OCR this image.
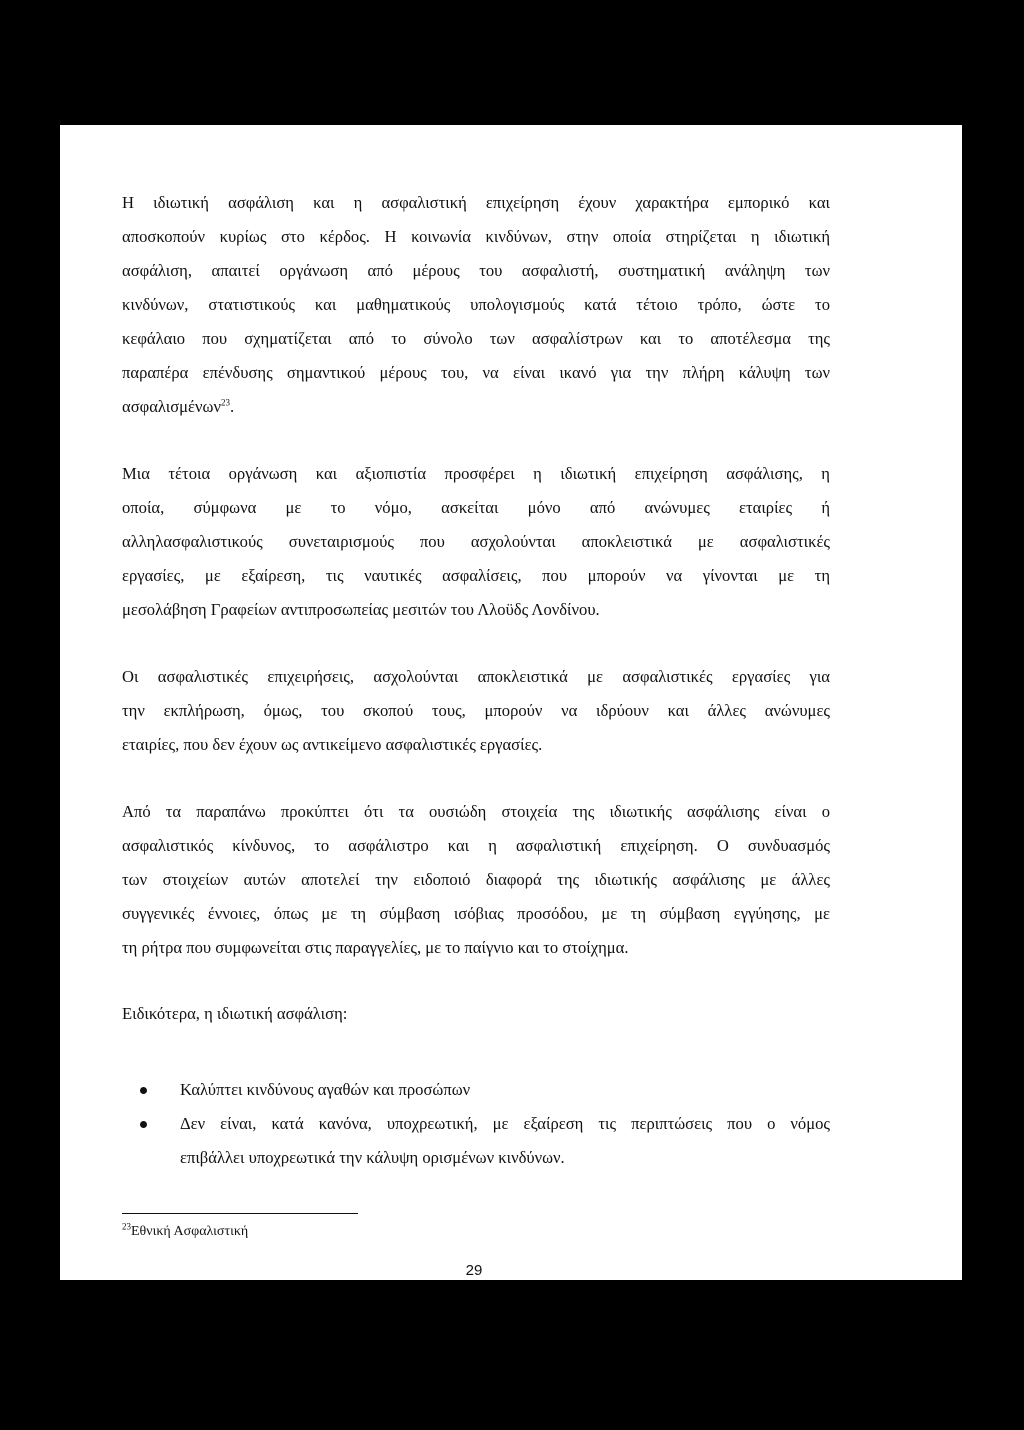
Η ιδιωτική ασφάλιση και η ασφαλιστική επιχείρηση έχουν χαρακτήρα εμπορικό και
αποσκοπούν κυρίως στο κέρδος. Η κοινωνία κινδύνων, στην οποία στηρίζεται η ιδιωτική
ασφάλιση, απαιτεί οργάνωση από μέρους του ασφαλιστή, συστηματική ανάληψη των
κινδύνων, στατιστικούς και μαθηματικούς υπολογισμούς κατά τέτοιο τρόπο, ώστε το
κεφάλαιο που σχηματίζεται από το σύνολο των ασφαλίστρων και το αποτέλεσμα της
παραπέρα επένδυσης σημαντικού μέρους του, να είναι ικανό για την πλήρη κάλυψη των
ασφαλισμένων$^{23}$.
Μια τέτοια οργάνωση και αξιοπιστία προσφέρει η ιδιωτική επιχείρηση ασφάλισης, η
οποία, σύμφωνα με το νόμο, ασκείται μόνο από ανώνυμες εταιρίες ή
αλληλασφαλιστικούς συνεταιρισμούς που ασχολούνται αποκλειστικά με ασφαλιστικές
εργασίες, με εξαίρεση, τις ναυτικές ασφαλίσεις, που μπορούν να γίνονται με τη
μεσολάβηση Γραφείων αντιπροσωπείας μεσιτών του Λλοϋδς Λονδίνου.
Οι ασφαλιστικές επιχειρήσεις, ασχολούνται αποκλειστικά με ασφαλιστικές εργασίες για
την εκπλήρωση, όμως, του σκοπού τους, μπορούν να ιδρύουν και άλλες ανώνυμες
εταιρίες, που δεν έχουν ως αντικείμενο ασφαλιστικές εργασίες.
Από τα παραπάνω προκύπτει ότι τα ουσιώδη στοιχεία της ιδιωτικής ασφάλισης είναι ο
ασφαλιστικός κίνδυνος, το ασφάλιστρο και η ασφαλιστική επιχείρηση. Ο συνδυασμός
των στοιχείων αυτών αποτελεί την ειδοποιό διαφορά της ιδιωτικής ασφάλισης με άλλες
συγγενικές έννοιες, όπως με τη σύμβαση ισόβιας προσόδου, με τη σύμβαση εγγύησης, με
τη ρήτρα που συμφωνείται στις παραγγελίες, με το παίγνιο και το στοίχημα.
Ειδικότερα, η ιδιωτική ασφάλιση:
Καλύπτει κινδύνους αγαθών και προσώπων
Δεν είναι, κατά κανόνα, υποχρεωτική, με εξαίρεση τις περιπτώσεις που ο νόμος
επιβάλλει υποχρεωτικά την κάλυψη ορισμένων κινδύνων.
$^{23}$Εθνική Ασφαλιστική
29
